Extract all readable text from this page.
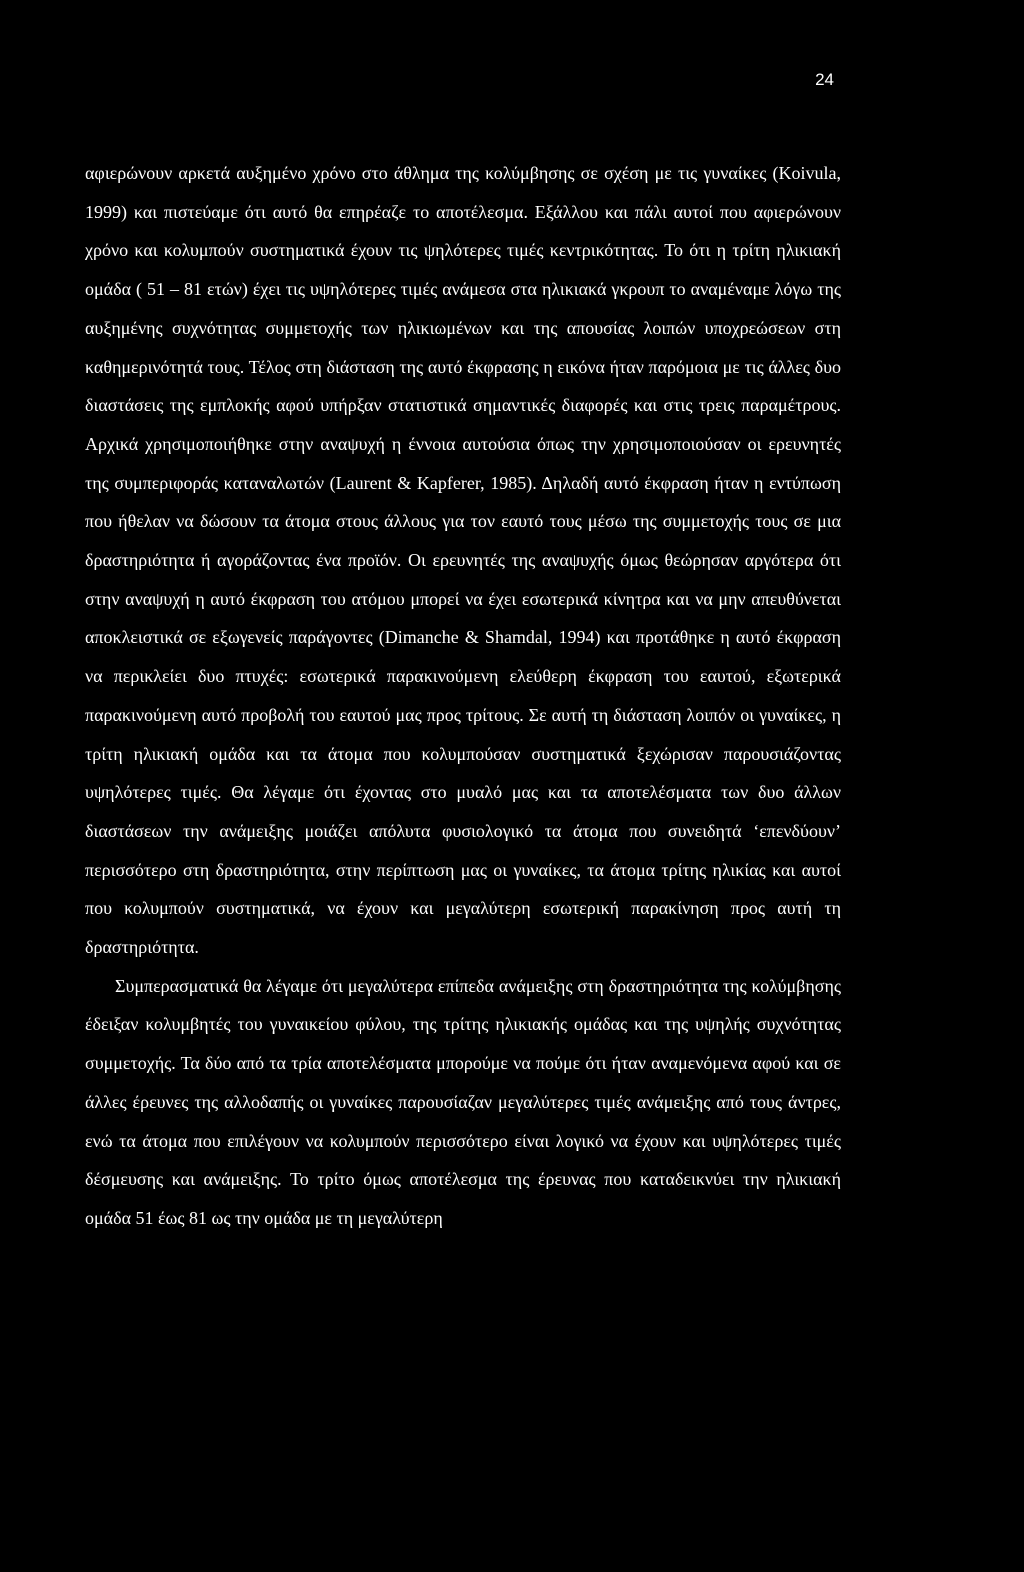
24

αφιερώνουν αρκετά αυξημένο χρόνο στο άθλημα της κολύμβησης σε σχέση με τις γυναίκες (Koivula, 1999) και πιστεύαμε ότι αυτό θα επηρέαζε το αποτέλεσμα. Εξάλλου και πάλι αυτοί που αφιερώνουν χρόνο και κολυμπούν συστηματικά έχουν τις ψηλότερες τιμές κεντρικότητας. Το ότι η τρίτη ηλικιακή ομάδα ( 51 – 81 ετών) έχει τις υψηλότερες τιμές ανάμεσα στα ηλικιακά γκρουπ το αναμέναμε λόγω της αυξημένης συχνότητας συμμετοχής των ηλικιωμένων και της απουσίας λοιπών υποχρεώσεων στη καθημερινότητά τους. Τέλος στη διάσταση της αυτό έκφρασης η εικόνα ήταν παρόμοια με τις άλλες δυο διαστάσεις της εμπλοκής αφού υπήρξαν στατιστικά σημαντικές διαφορές και στις τρεις παραμέτρους. Αρχικά χρησιμοποιήθηκε στην αναψυχή η έννοια αυτούσια όπως την χρησιμοποιούσαν οι ερευνητές της συμπεριφοράς καταναλωτών (Laurent & Kapferer, 1985). Δηλαδή αυτό έκφραση ήταν η εντύπωση που ήθελαν να δώσουν τα άτομα στους άλλους για τον εαυτό τους μέσω της συμμετοχής τους σε μια δραστηριότητα ή αγοράζοντας ένα προϊόν. Οι ερευνητές της αναψυχής όμως θεώρησαν αργότερα ότι στην αναψυχή η αυτό έκφραση του ατόμου μπορεί να έχει εσωτερικά κίνητρα και να μην απευθύνεται αποκλειστικά σε εξωγενείς παράγοντες (Dimanche & Shamdal, 1994) και προτάθηκε η αυτό έκφραση να περικλείει δυο πτυχές: εσωτερικά παρακινούμενη ελεύθερη έκφραση του εαυτού, εξωτερικά παρακινούμενη αυτό προβολή του εαυτού μας προς τρίτους. Σε αυτή τη διάσταση λοιπόν οι γυναίκες, η τρίτη ηλικιακή ομάδα και τα άτομα που κολυμπούσαν συστηματικά ξεχώρισαν παρουσιάζοντας υψηλότερες τιμές. Θα λέγαμε ότι έχοντας στο μυαλό μας και τα αποτελέσματα των δυο άλλων διαστάσεων την ανάμειξης μοιάζει απόλυτα φυσιολογικό τα άτομα που συνειδητά ‘επενδύουν’ περισσότερο στη δραστηριότητα, στην περίπτωση μας οι γυναίκες, τα άτομα τρίτης ηλικίας και αυτοί που κολυμπούν συστηματικά, να έχουν και μεγαλύτερη εσωτερική παρακίνηση προς αυτή τη δραστηριότητα.

Συμπερασματικά θα λέγαμε ότι μεγαλύτερα επίπεδα ανάμειξης στη δραστηριότητα της κολύμβησης έδειξαν κολυμβητές του γυναικείου φύλου, της τρίτης ηλικιακής ομάδας και της υψηλής συχνότητας συμμετοχής. Τα δύο από τα τρία αποτελέσματα μπορούμε να πούμε ότι ήταν αναμενόμενα αφού και σε άλλες έρευνες της αλλοδαπής οι γυναίκες παρουσίαζαν μεγαλύτερες τιμές ανάμειξης από τους άντρες, ενώ τα άτομα που επιλέγουν να κολυμπούν περισσότερο είναι λογικό να έχουν και υψηλότερες τιμές δέσμευσης και ανάμειξης. Το τρίτο όμως αποτέλεσμα της έρευνας που καταδεικνύει την ηλικιακή ομάδα 51 έως 81 ως την ομάδα με τη μεγαλύτερη
